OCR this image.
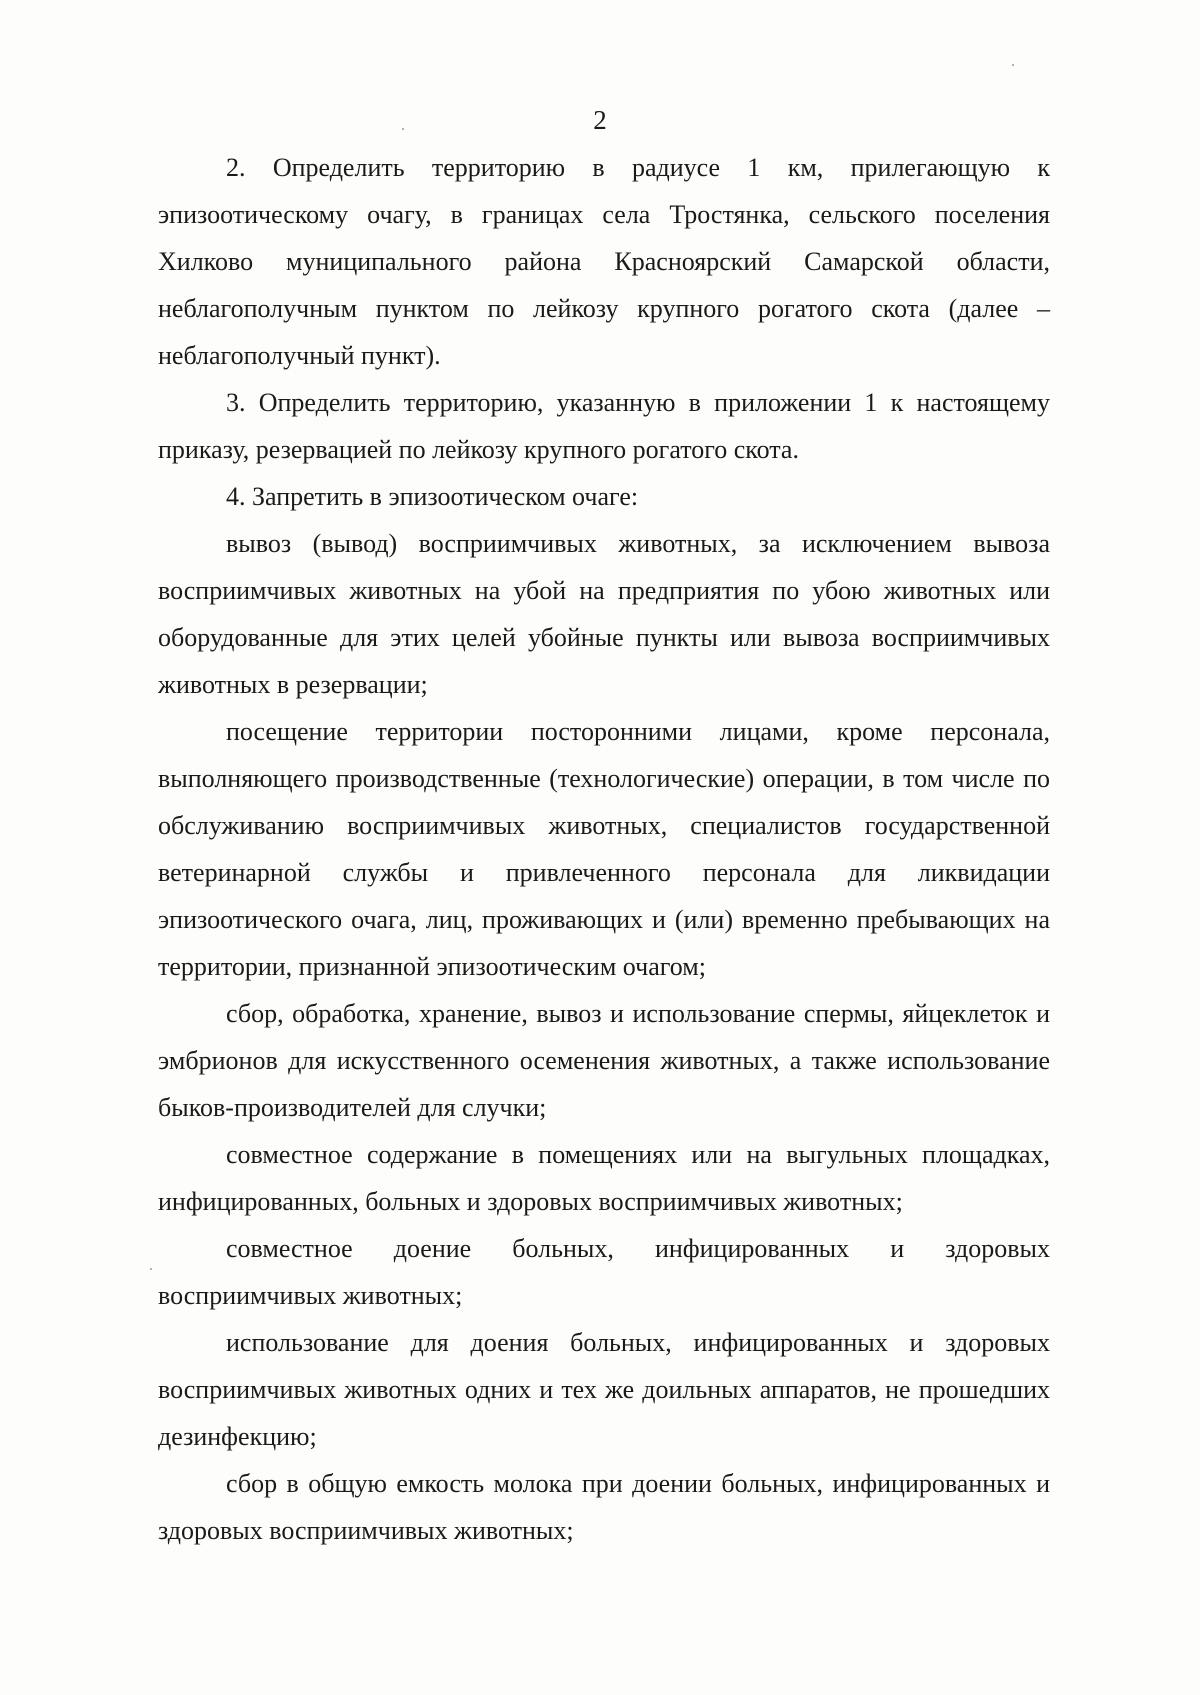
2

2. Определить территорию в радиусе 1 км, прилегающую к эпизоотическому очагу, в границах села Тростянка, сельского поселения Хилково муниципального района Красноярский Самарской области, неблагополучным пунктом по лейкозу крупного рогатого скота (далее – неблагополучный пункт).

3. Определить территорию, указанную в приложении 1 к настоящему приказу, резервацией по лейкозу крупного рогатого скота.

4. Запретить в эпизоотическом очаге:

вывоз (вывод) восприимчивых животных, за исключением вывоза восприимчивых животных на убой на предприятия по убою животных или оборудованные для этих целей убойные пункты или вывоза восприимчивых животных в резервации;

посещение территории посторонними лицами, кроме персонала, выполняющего производственные (технологические) операции, в том числе по обслуживанию восприимчивых животных, специалистов государственной ветеринарной службы и привлеченного персонала для ликвидации эпизоотического очага, лиц, проживающих и (или) временно пребывающих на территории, признанной эпизоотическим очагом;

сбор, обработка, хранение, вывоз и использование спермы, яйцеклеток и эмбрионов для искусственного осеменения животных, а также использование быков-производителей для случки;

совместное содержание в помещениях или на выгульных площадках, инфицированных, больных и здоровых восприимчивых животных;

совместное доение больных, инфицированных и здоровых восприимчивых животных;

использование для доения больных, инфицированных и здоровых восприимчивых животных одних и тех же доильных аппаратов, не прошедших дезинфекцию;

сбор в общую емкость молока при доении больных, инфицированных и здоровых восприимчивых животных;
